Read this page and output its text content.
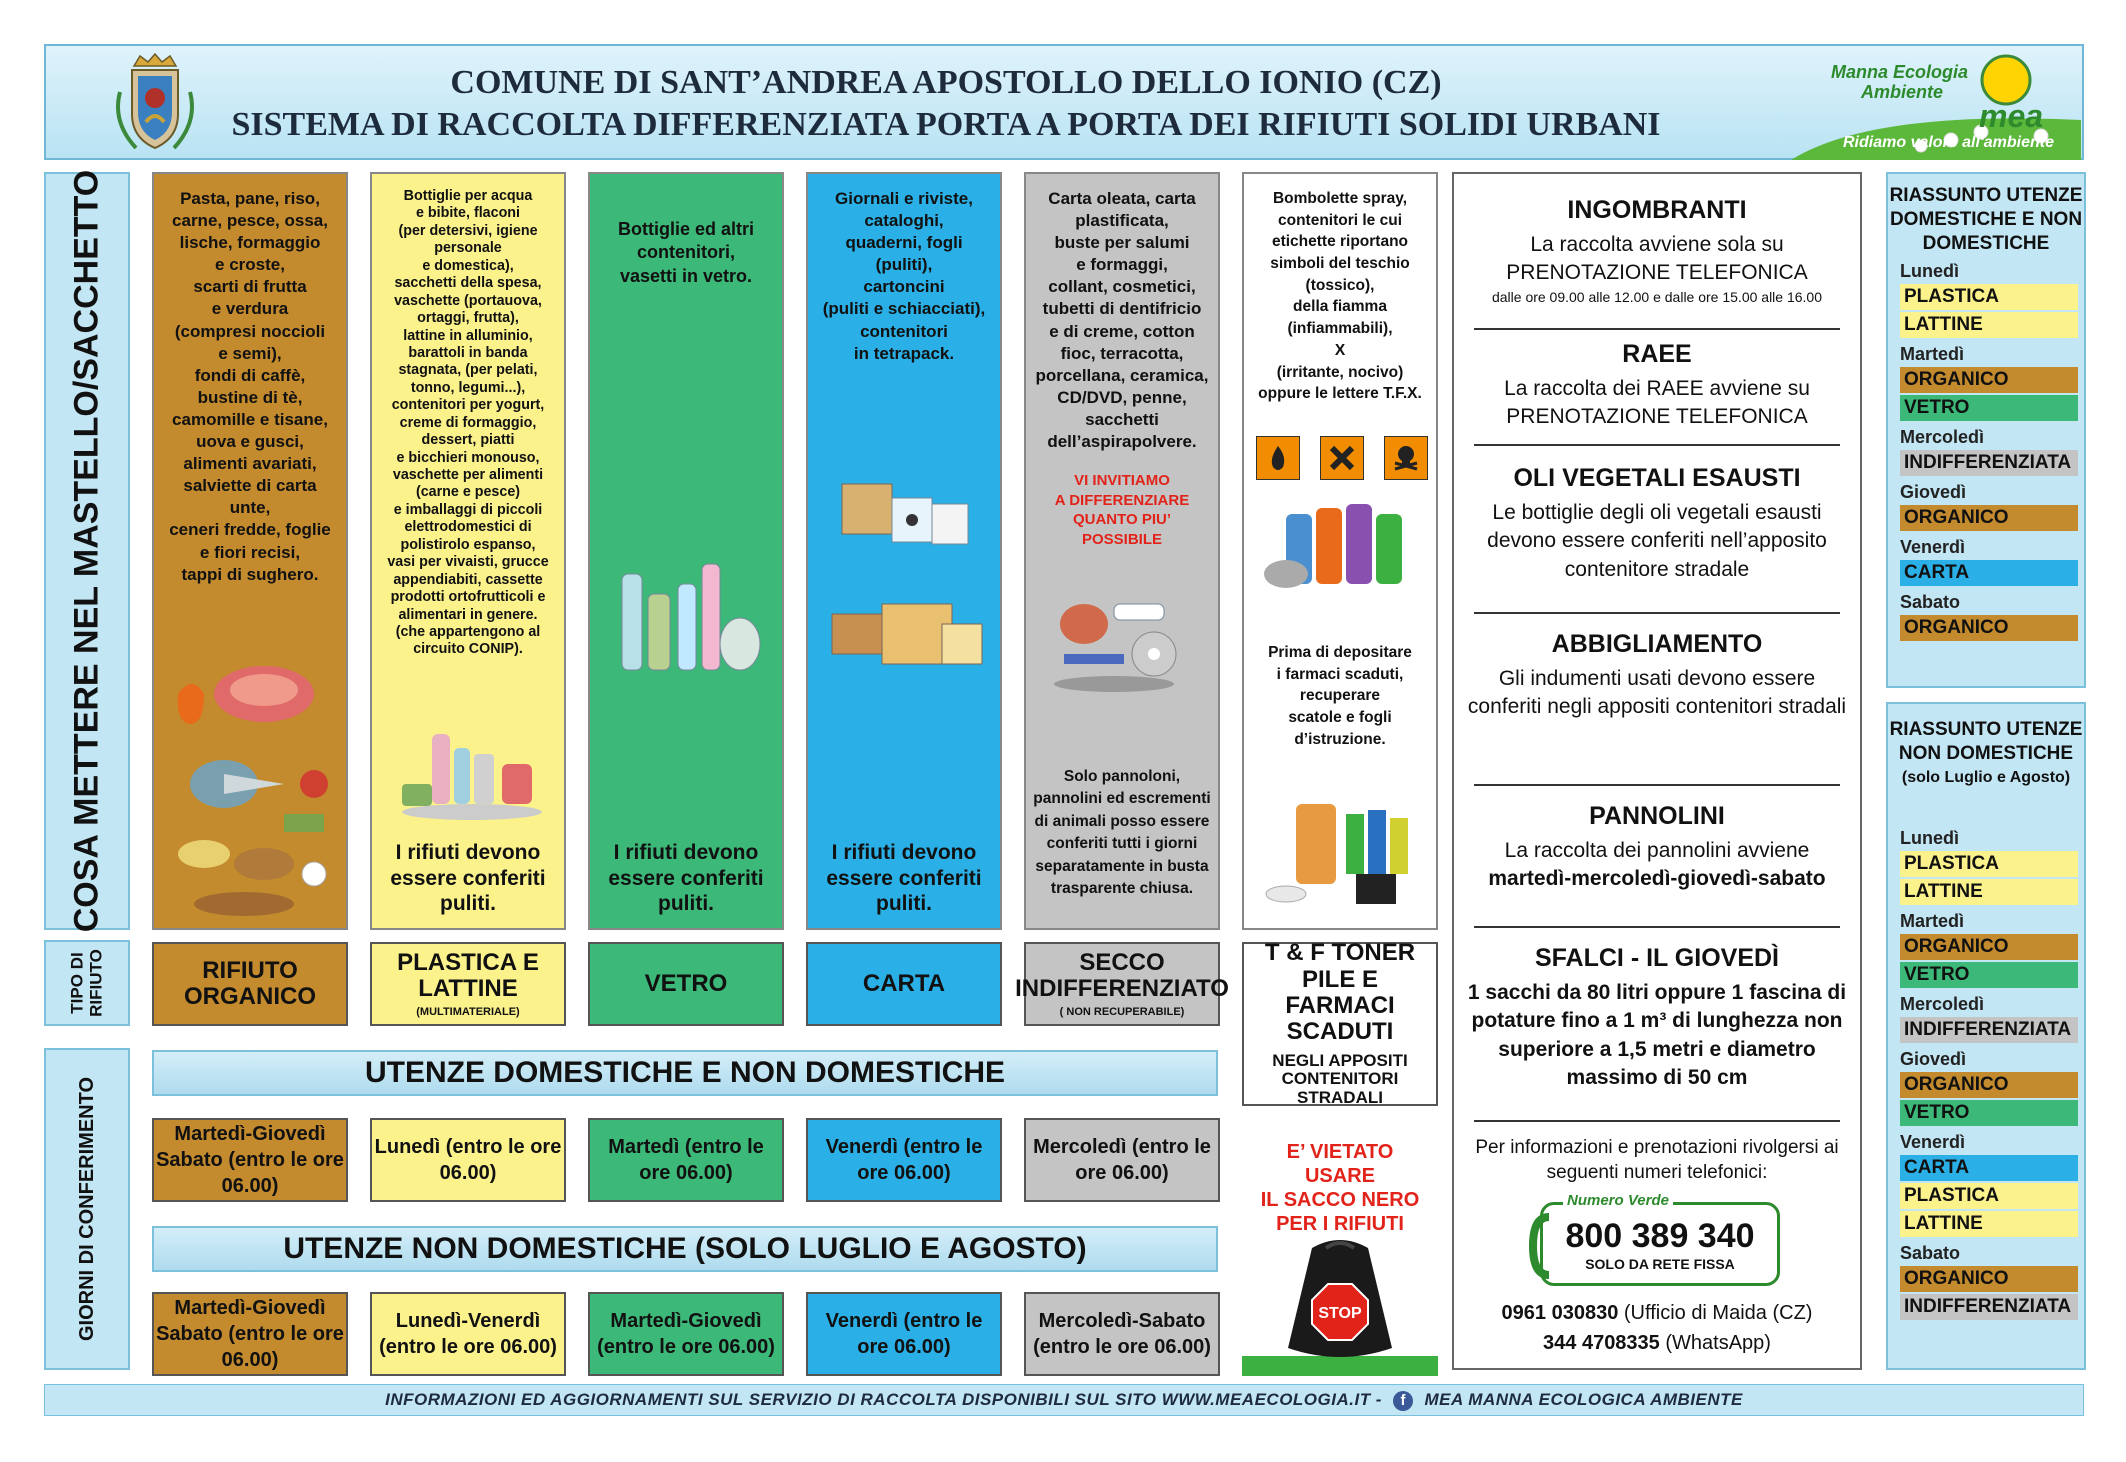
COMUNE DI SANT’ANDREA APOSTOLLO DELLO IONIO (CZ)
SISTEMA DI RACCOLTA DIFFERENZIATA PORTA A PORTA DEI RIFIUTI SOLIDI URBANI
Manna Ecologia
Ambiente
mea
Ridiamo valore all'ambiente
COSA METTERE NEL MASTELLO/SACCHETTO
TIPO DI RIFIUTO
GIORNI DI CONFERIMENTO
Pasta, pane, riso,
carne, pesce, ossa,
lische, formaggio
e croste,
scarti di frutta
e verdura
(compresi noccioli
e semi),
fondi di caffè,
bustine di tè,
camomille e tisane,
uova e gusci,
alimenti avariati,
salviette di carta unte,
ceneri fredde, foglie
e fiori recisi,
tappi di sughero.
Bottiglie per acqua
e bibite, flaconi
(per detersivi, igiene
personale
e domestica),
sacchetti della spesa,
vaschette (portauova,
ortaggi, frutta),
lattine in alluminio,
barattoli in banda
stagnata, (per pelati,
tonno, legumi...),
contenitori per yogurt,
creme di formaggio,
dessert, piatti
e bicchieri monouso,
vaschette per alimenti
(carne e pesce)
e imballaggi di piccoli
elettrodomestici di
polistirolo espanso,
vasi per vivaisti, grucce
appendiabiti, cassette
prodotti ortofrutticoli e
alimentari in genere.
(che appartengono al
circuito CONIP).
I rifiuti devono essere conferiti puliti.
Bottiglie ed altri
contenitori,
vasetti in vetro.
I rifiuti devono essere conferiti puliti.
Giornali e riviste,
cataloghi,
quaderni, fogli (puliti),
cartoncini
(puliti e schiacciati),
contenitori
in tetrapack.
I rifiuti devono essere conferiti puliti.
Carta oleata, carta
plastificata,
buste per salumi
e formaggi,
collant, cosmetici,
tubetti di dentifricio
e di creme, cotton
fioc, terracotta,
porcellana, ceramica,
CD/DVD, penne,
sacchetti
dell’aspirapolvere.
VI INVITIAMO
A DIFFERENZIARE
QUANTO PIU’ POSSIBILE
Solo pannoloni,
pannolini ed escrementi
di animali posso essere
conferiti tutti i giorni
separatamente in busta
trasparente chiusa.
Bombolette spray,
contenitori le cui
etichette riportano
simboli del teschio
(tossico),
della fiamma
(infiammabili),
X
(irritante, nocivo)
oppure le lettere T.F.X.
Prima di depositare
i farmaci scaduti,
recuperare
scatole e fogli
d’istruzione.
RIFIUTO ORGANICO
PLASTICA E LATTINE
(MULTIMATERIALE)
VETRO	CARTA
SECCO INDIFFERENZIATO
( NON RECUPERABILE)
T & F TONER PILE E FARMACI SCADUTI
NEGLI APPOSITI CONTENITORI STRADALI
UTENZE DOMESTICHE E NON DOMESTICHE
Martedì-Giovedì Sabato (entro le ore 06.00)
Lunedì (entro le ore 06.00)
Martedì (entro le ore 06.00)
Venerdì (entro le ore 06.00)
Mercoledì (entro le ore 06.00)
UTENZE NON DOMESTICHE (SOLO LUGLIO E AGOSTO)
Martedì-Giovedì Sabato (entro le ore 06.00)
Lunedì-Venerdì (entro le ore 06.00)
Martedì-Giovedì (entro le ore 06.00)
Venerdì (entro le ore 06.00)
Mercoledì-Sabato (entro le ore 06.00)
E’ VIETATO
USARE
IL SACCO NERO
PER I RIFIUTI
STOP
INGOMBRANTI

La raccolta avviene sola su PRENOTAZIONE TELEFONICA

dalle ore 09.00 alle 12.00 e dalle ore 15.00 alle 16.00

RAEE

La raccolta dei RAEE avviene su PRENOTAZIONE TELEFONICA

OLI VEGETALI ESAUSTI

Le bottiglie degli oli vegetali esausti devono essere conferiti nell’apposito contenitore stradale

ABBIGLIAMENTO

Gli indumenti usati devono essere conferiti negli appositi contenitori stradali

PANNOLINI

La raccolta dei pannolini avviene

martedì-mercoledì-giovedì-sabato

SFALCI - IL GIOVEDÌ

1 sacchi da 80 litri oppure 1 fascina di potature fino a 1 m³ di lunghezza non superiore a 1,5 metri e diametro massimo di 50 cm

Per informazioni e prenotazioni rivolgersi ai seguenti numeri telefonici:

Numero Verde
800 389 340
SOLO DA RETE FISSA
0961 030830 (Ufficio di Maida (CZ)
344 4708335 (WhatsApp)
RIASSUNTO UTENZE DOMESTICHE E NON DOMESTICHE
Lunedì
PLASTICA
LATTINE
Martedì
ORGANICO
VETRO
Mercoledì
INDIFFERENZIATA
Giovedì
ORGANICO
Venerdì
CARTA
Sabato
ORGANICO
RIASSUNTO UTENZE NON DOMESTICHE
(solo Luglio e Agosto)
Lunedì
PLASTICA
LATTINE
Martedì
ORGANICO
VETRO
Mercoledì
INDIFFERENZIATA
Giovedì
ORGANICO
VETRO
Venerdì
CARTA
PLASTICA
LATTINE
Sabato
ORGANICO
INDIFFERENZIATA
INFORMAZIONI ED AGGIORNAMENTI SUL SERVIZIO DI RACCOLTA DISPONIBILI SUL SITO WWW.MEAECOLOGIA.IT - f MEA MANNA ECOLOGICA AMBIENTE
